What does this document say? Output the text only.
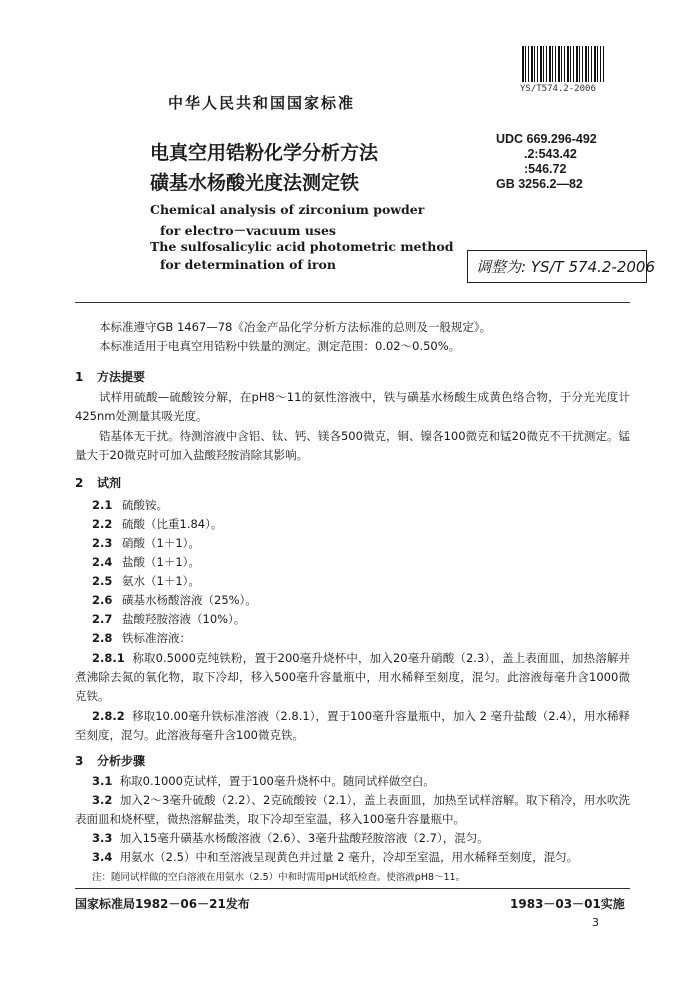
YS/T574.2-2006
中华人民共和国国家标准
电真空用锆粉化学分析方法
磺基水杨酸光度法测定铁
Chemical analysis of zirconium powder
for electro－vacuum uses
The sulfosalicylic acid photometric method
for determination of iron
UDC 669.296-492
.2:543.42
:546.72
GB 3256.2—82
调整为: YS/T 574.2-2006
本标准遵守GB 1467—78《冶金产品化学分析方法标准的总则及一般规定》。
本标准适用于电真空用锆粉中铁量的测定。测定范围：0.02～0.50%。
1 方法提要
试样用硫酸—硫酸铵分解，在pH8～11的氨性溶液中，铁与磺基水杨酸生成黄色络合物，于分光光度计425nm处测量其吸光度。
锆基体无干扰。待测溶液中含铝、钛、钙、镁各500微克，铜、镍各100微克和锰20微克不干扰测定。锰量大于20微克时可加入盐酸羟胺消除其影响。
2 试剂
2.1 硫酸铵。
2.2 硫酸（比重1.84）。
2.3 硝酸（1＋1）。
2.4 盐酸（1＋1）。
2.5 氨水（1＋1）。
2.6 磺基水杨酸溶液（25%）。
2.7 盐酸羟胺溶液（10%）。
2.8 铁标准溶液：
2.8.1 称取0.5000克纯铁粉，置于200毫升烧杯中，加入20毫升硝酸（2.3），盖上表面皿，加热溶解并煮沸除去氮的氧化物，取下冷却，移入500毫升容量瓶中，用水稀释至刻度，混匀。此溶液每毫升含1000微克铁。
2.8.2 移取10.00毫升铁标准溶液（2.8.1），置于100毫升容量瓶中，加入 2 毫升盐酸（2.4），用水稀释至刻度，混匀。此溶液每毫升含100微克铁。
3 分析步骤
3.1 称取0.1000克试样，置于100毫升烧杯中。随同试样做空白。
3.2 加入2～3毫升硫酸（2.2）、2克硫酸铵（2.1），盖上表面皿，加热至试样溶解。取下稍冷，用水吹洗表面皿和烧杯壁，微热溶解盐类，取下冷却至室温，移入100毫升容量瓶中。
3.3 加入15毫升磺基水杨酸溶液（2.6）、3毫升盐酸羟胺溶液（2.7），混匀。
3.4 用氨水（2.5）中和至溶液呈现黄色并过量 2 毫升，冷却至室温，用水稀释至刻度，混匀。
注：随同试样做的空白溶液在用氨水（2.5）中和时需用pH试纸检查。使溶液pH8～11。
国家标准局1982－06－21发布	1983－03－01实施
3
